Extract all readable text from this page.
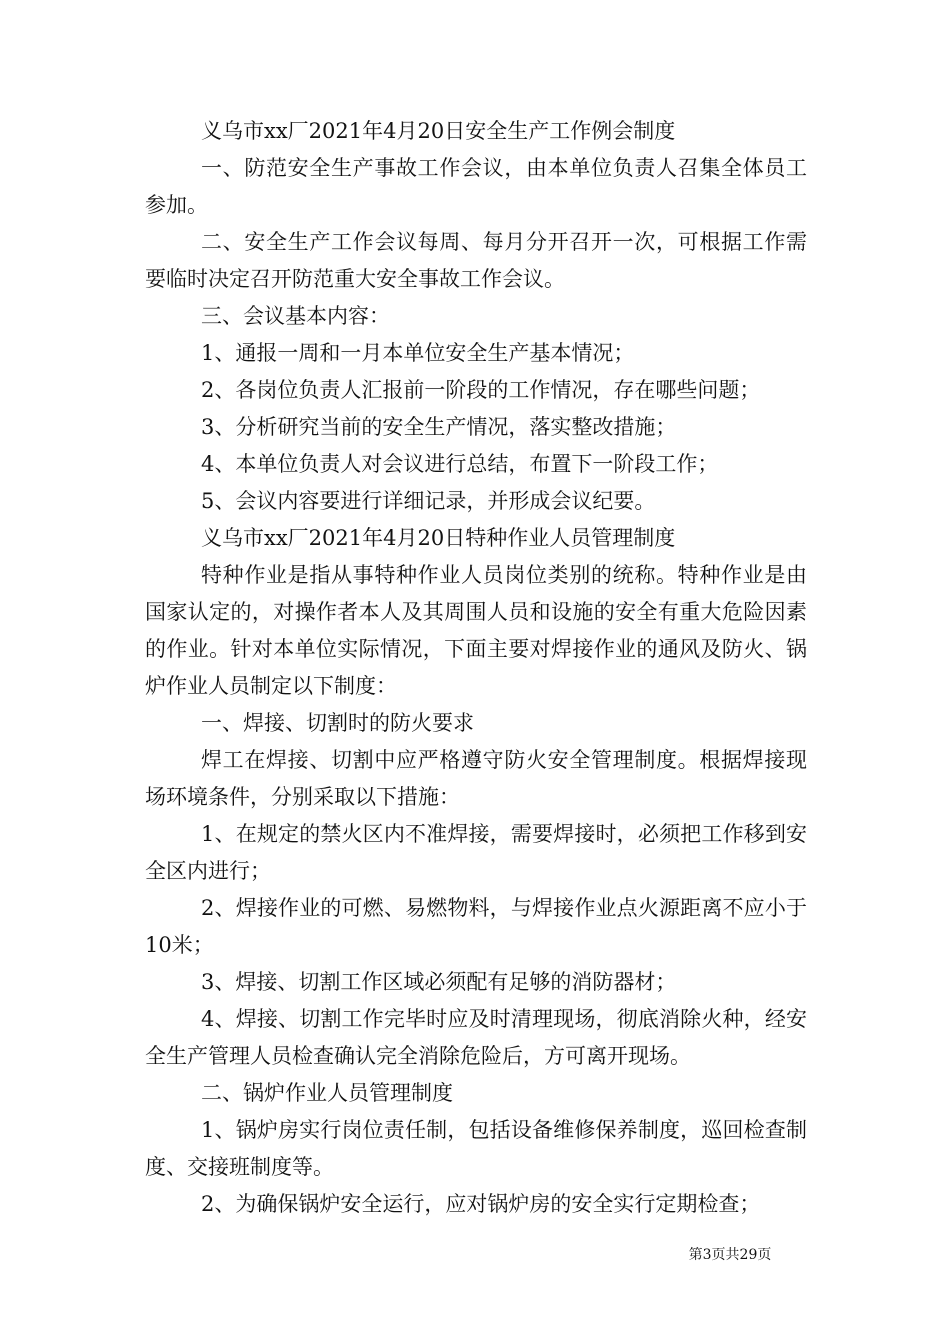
义乌市xx厂2021年4月20日安全生产工作例会制度

一、防范安全生产事故工作会议，由本单位负责人召集全体员工参加。

二、安全生产工作会议每周、每月分开召开一次，可根据工作需要临时决定召开防范重大安全事故工作会议。

三、会议基本内容：

1、通报一周和一月本单位安全生产基本情况；

2、各岗位负责人汇报前一阶段的工作情况，存在哪些问题；

3、分析研究当前的安全生产情况，落实整改措施；

4、本单位负责人对会议进行总结，布置下一阶段工作；

5、会议内容要进行详细记录，并形成会议纪要。

义乌市xx厂2021年4月20日特种作业人员管理制度

特种作业是指从事特种作业人员岗位类别的统称。特种作业是由国家认定的，对操作者本人及其周围人员和设施的安全有重大危险因素的作业。针对本单位实际情况，下面主要对焊接作业的通风及防火、锅炉作业人员制定以下制度：

一、焊接、切割时的防火要求

焊工在焊接、切割中应严格遵守防火安全管理制度。根据焊接现场环境条件，分别采取以下措施：

1、在规定的禁火区内不准焊接，需要焊接时，必须把工作移到安全区内进行；

2、焊接作业的可燃、易燃物料，与焊接作业点火源距离不应小于10米；

3、焊接、切割工作区域必须配有足够的消防器材；

4、焊接、切割工作完毕时应及时清理现场，彻底消除火种，经安全生产管理人员检查确认完全消除危险后，方可离开现场。

二、锅炉作业人员管理制度

1、锅炉房实行岗位责任制，包括设备维修保养制度，巡回检查制度、交接班制度等。

2、为确保锅炉安全运行，应对锅炉房的安全实行定期检查；

第3页共29页
